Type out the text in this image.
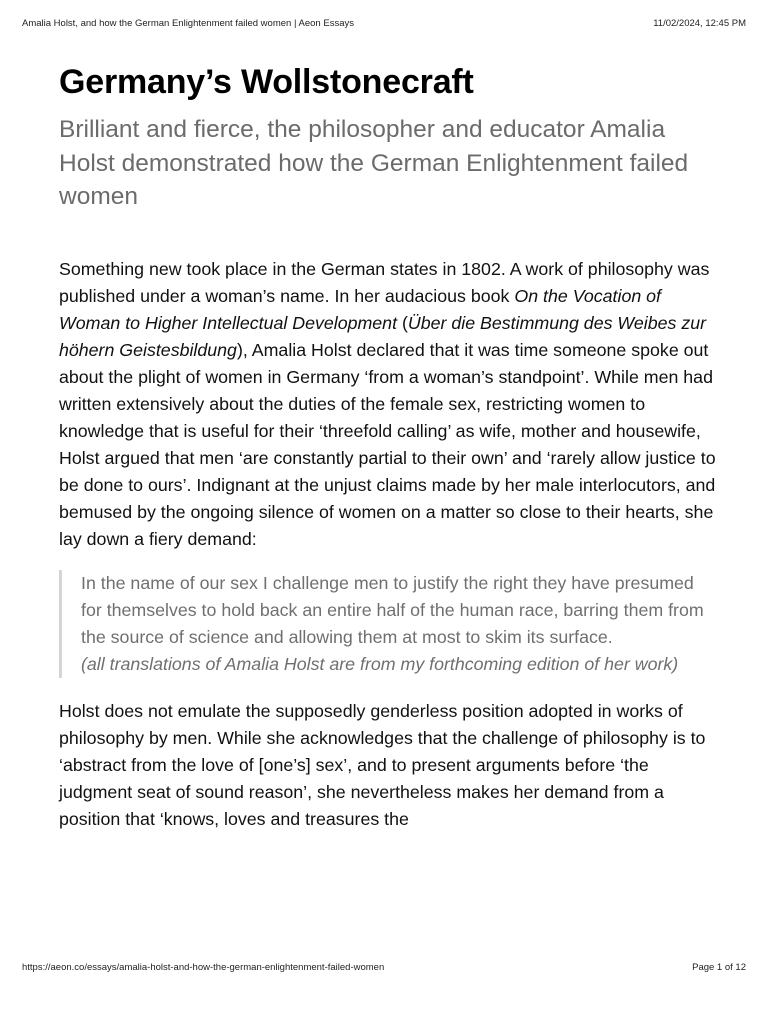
Amalia Holst, and how the German Enlightenment failed women | Aeon Essays	11/02/2024, 12:45 PM
Germany’s Wollstonecraft

Brilliant and fierce, the philosopher and educator Amalia Holst demonstrated how the German Enlightenment failed women

Something new took place in the German states in 1802. A work of philosophy was published under a woman’s name. In her audacious book On the Vocation of Woman to Higher Intellectual Development (Über die Bestimmung des Weibes zur höhern Geistesbildung), Amalia Holst declared that it was time someone spoke out about the plight of women in Germany ‘from a woman’s standpoint’. While men had written extensively about the duties of the female sex, restricting women to knowledge that is useful for their ‘threefold calling’ as wife, mother and housewife, Holst argued that men ‘are constantly partial to their own’ and ‘rarely allow justice to be done to ours’. Indignant at the unjust claims made by her male interlocutors, and bemused by the ongoing silence of women on a matter so close to their hearts, she lay down a fiery demand:

In the name of our sex I challenge men to justify the right they have presumed for themselves to hold back an entire half of the human race, barring them from the source of science and allowing them at most to skim its surface.
(all translations of Amalia Holst are from my forthcoming edition of her work)

Holst does not emulate the supposedly genderless position adopted in works of philosophy by men. While she acknowledges that the challenge of philosophy is to ‘abstract from the love of [one’s] sex’, and to present arguments before ‘the judgment seat of sound reason’, she nevertheless makes her demand from a position that ‘knows, loves and treasures the

https://aeon.co/essays/amalia-holst-and-how-the-german-enlightenment-failed-women	Page 1 of 12
